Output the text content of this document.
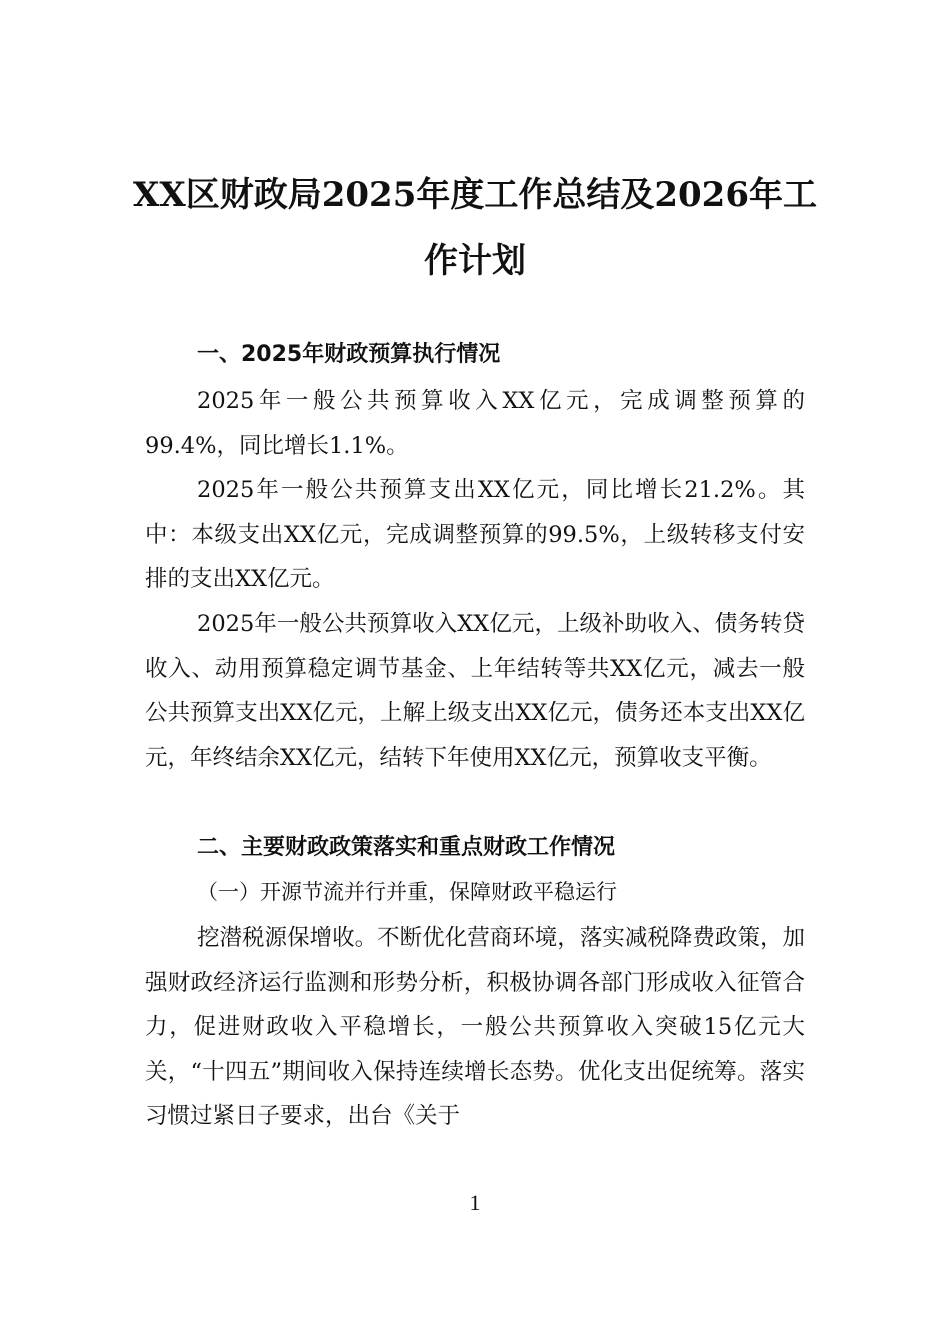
XX区财政局2025年度工作总结及2026年工作计划
一、2025年财政预算执行情况
2025年一般公共预算收入XX亿元，完成调整预算的99.4%，同比增长1.1%。
2025年一般公共预算支出XX亿元，同比增长21.2%。其中：本级支出XX亿元，完成调整预算的99.5%，上级转移支付安排的支出XX亿元。
2025年一般公共预算收入XX亿元，上级补助收入、债务转贷收入、动用预算稳定调节基金、上年结转等共XX亿元，减去一般公共预算支出XX亿元，上解上级支出XX亿元，债务还本支出XX亿元，年终结余XX亿元，结转下年使用XX亿元，预算收支平衡。
二、主要财政政策落实和重点财政工作情况
（一）开源节流并行并重，保障财政平稳运行
挖潜税源保增收。不断优化营商环境，落实减税降费政策，加强财政经济运行监测和形势分析，积极协调各部门形成收入征管合力，促进财政收入平稳增长，一般公共预算收入突破15亿元大关，“十四五”期间收入保持连续增长态势。优化支出促统筹。落实习惯过紧日子要求，出台《关于
1
